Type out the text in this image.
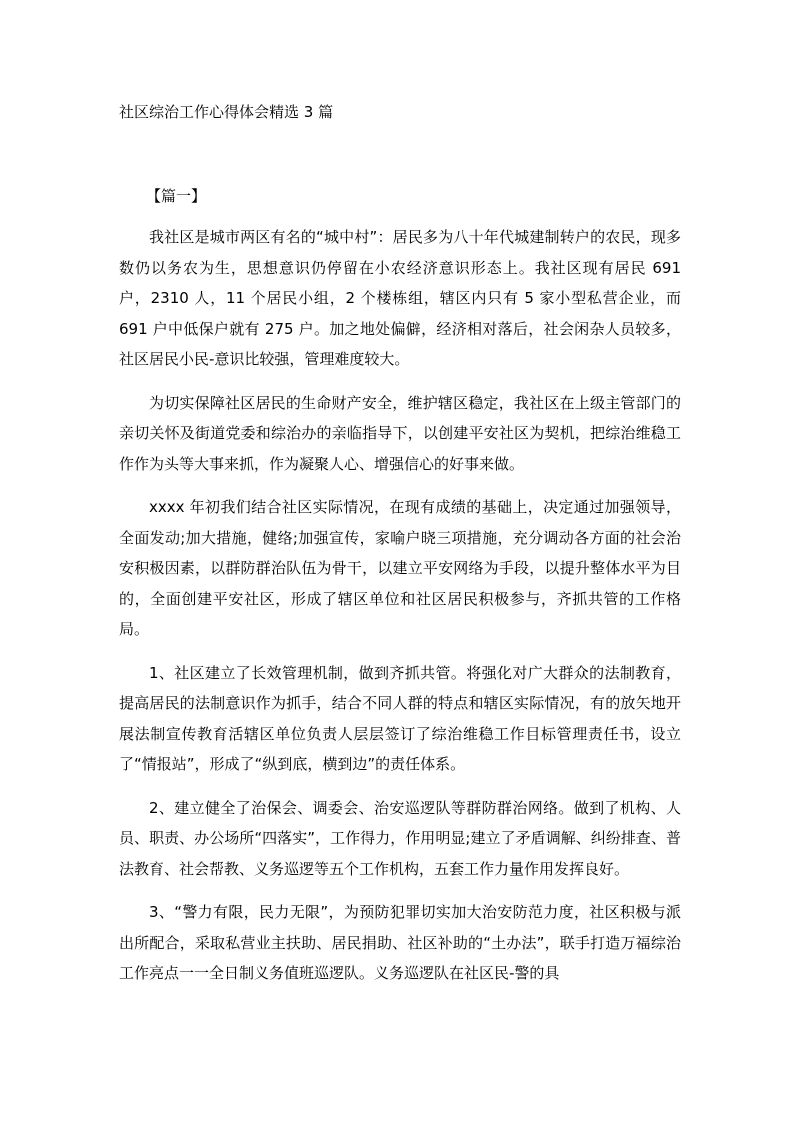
社区综治工作心得体会精选 3 篇
【篇一】

我社区是城市两区有名的“城中村”：居民多为八十年代城建制转户的农民，现多数仍以务农为生，思想意识仍停留在小农经济意识形态上。我社区现有居民 691 户，2310 人，11 个居民小组，2 个楼栋组，辖区内只有 5 家小型私营企业，而 691 户中低保户就有 275 户。加之地处偏僻，经济相对落后，社会闲杂人员较多，社区居民小民-意识比较强，管理难度较大。

为切实保障社区居民的生命财产安全，维护辖区稳定，我社区在上级主管部门的亲切关怀及街道党委和综治办的亲临指导下，以创建平安社区为契机，把综治维稳工作作为头等大事来抓，作为凝聚人心、增强信心的好事来做。

xxxx 年初我们结合社区实际情况，在现有成绩的基础上，决定通过加强领导，全面发动;加大措施，健络;加强宣传，家喻户晓三项措施，充分调动各方面的社会治安积极因素，以群防群治队伍为骨干，以建立平安网络为手段，以提升整体水平为目的，全面创建平安社区，形成了辖区单位和社区居民积极参与，齐抓共管的工作格局。

1、社区建立了长效管理机制，做到齐抓共管。将强化对广大群众的法制教育，提高居民的法制意识作为抓手，结合不同人群的特点和辖区实际情况，有的放矢地开展法制宣传教育活辖区单位负责人层层签订了综治维稳工作目标管理责任书，设立了“情报站”，形成了“纵到底，横到边”的责任体系。

2、建立健全了治保会、调委会、治安巡逻队等群防群治网络。做到了机构、人员、职责、办公场所“四落实”，工作得力，作用明显;建立了矛盾调解、纠纷排查、普法教育、社会帮教、义务巡逻等五个工作机构，五套工作力量作用发挥良好。

3、“警力有限，民力无限”，为预防犯罪切实加大治安防范力度，社区积极与派出所配合，采取私营业主扶助、居民捐助、社区补助的“土办法”，联手打造万福综治工作亮点一一全日制义务值班巡逻队。义务巡逻队在社区民-警的具
